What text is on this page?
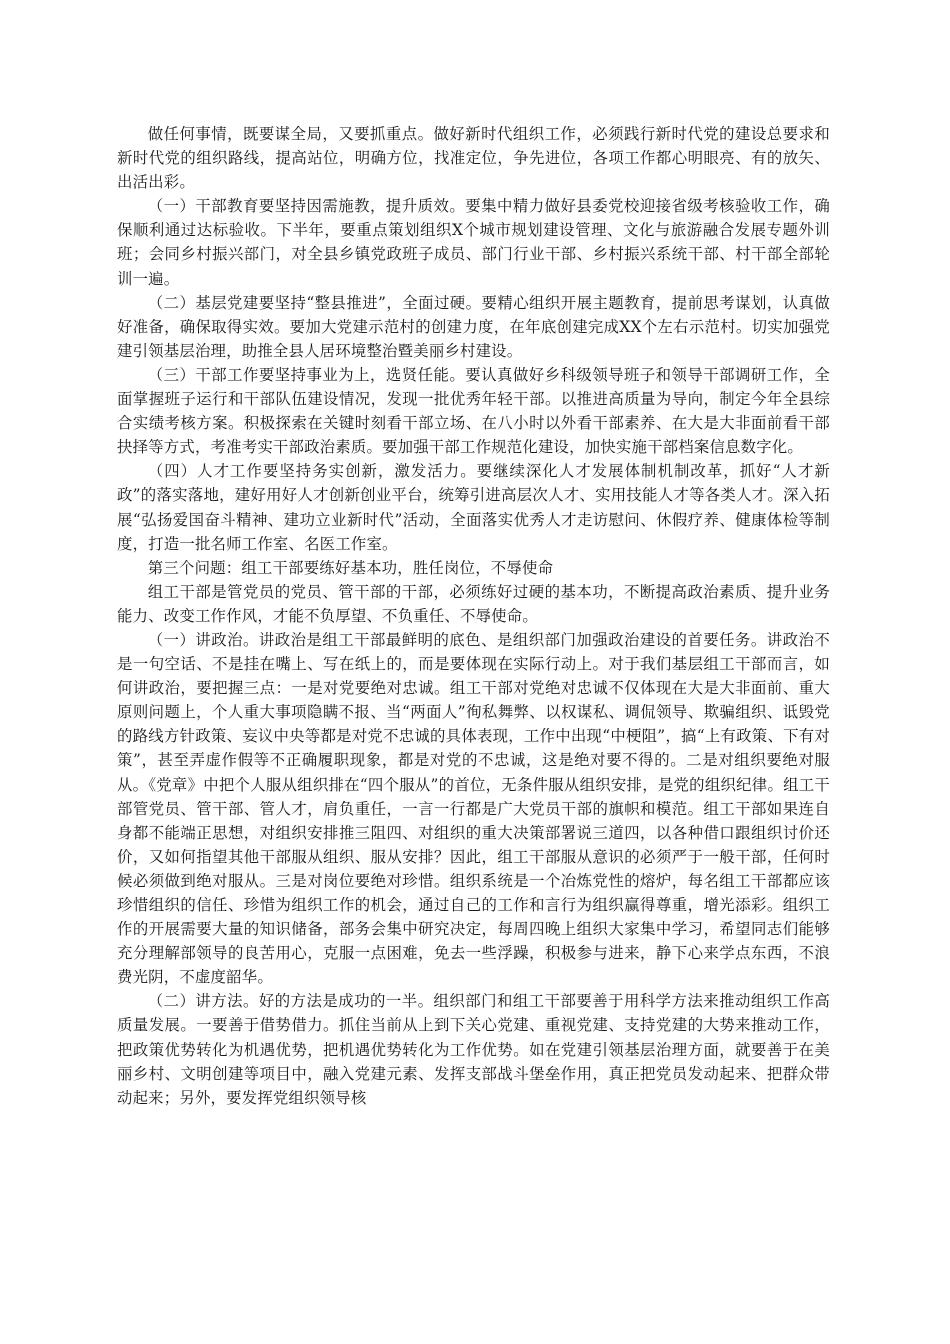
做任何事情，既要谋全局，又要抓重点。做好新时代组织工作，必须践行新时代党的建设总要求和新时代党的组织路线，提高站位，明确方位，找准定位，争先进位，各项工作都心明眼亮、有的放矢、出活出彩。

（一）干部教育要坚持因需施教，提升质效。要集中精力做好县委党校迎接省级考核验收工作，确保顺利通过达标验收。下半年，要重点策划组织X个城市规划建设管理、文化与旅游融合发展专题外训班；会同乡村振兴部门，对全县乡镇党政班子成员、部门行业干部、乡村振兴系统干部、村干部全部轮训一遍。

（二）基层党建要坚持“整县推进”，全面过硬。要精心组织开展主题教育，提前思考谋划，认真做好准备，确保取得实效。要加大党建示范村的创建力度，在年底创建完成XX个左右示范村。切实加强党建引领基层治理，助推全县人居环境整治暨美丽乡村建设。

（三）干部工作要坚持事业为上，选贤任能。要认真做好乡科级领导班子和领导干部调研工作，全面掌握班子运行和干部队伍建设情况，发现一批优秀年轻干部。以推进高质量为导向，制定今年全县综合实绩考核方案。积极探索在关键时刻看干部立场、在八小时以外看干部素养、在大是大非面前看干部抉择等方式，考准考实干部政治素质。要加强干部工作规范化建设，加快实施干部档案信息数字化。

（四）人才工作要坚持务实创新，激发活力。要继续深化人才发展体制机制改革，抓好“人才新政”的落实落地，建好用好人才创新创业平台，统筹引进高层次人才、实用技能人才等各类人才。深入拓展“弘扬爱国奋斗精神、建功立业新时代”活动，全面落实优秀人才走访慰问、休假疗养、健康体检等制度，打造一批名师工作室、名医工作室。

第三个问题：组工干部要练好基本功，胜任岗位，不辱使命

组工干部是管党员的党员、管干部的干部，必须练好过硬的基本功，不断提高政治素质、提升业务能力、改变工作作风，才能不负厚望、不负重任、不辱使命。

（一）讲政治。讲政治是组工干部最鲜明的底色、是组织部门加强政治建设的首要任务。讲政治不是一句空话、不是挂在嘴上、写在纸上的，而是要体现在实际行动上。对于我们基层组工干部而言，如何讲政治，要把握三点：一是对党要绝对忠诚。组工干部对党绝对忠诚不仅体现在大是大非面前、重大原则问题上，个人重大事项隐瞒不报、当“两面人”徇私舞弊、以权谋私、调侃领导、欺骗组织、诋毁党的路线方针政策、妄议中央等都是对党不忠诚的具体表现，工作中出现“中梗阻”，搞“上有政策、下有对策”，甚至弄虚作假等不正确履职现象，都是对党的不忠诚，这是绝对要不得的。二是对组织要绝对服从。《党章》中把个人服从组织排在“四个服从”的首位，无条件服从组织安排，是党的组织纪律。组工干部管党员、管干部、管人才，肩负重任，一言一行都是广大党员干部的旗帜和模范。组工干部如果连自身都不能端正思想，对组织安排推三阻四、对组织的重大决策部署说三道四，以各种借口跟组织讨价还价，又如何指望其他干部服从组织、服从安排？因此，组工干部服从意识的必须严于一般干部，任何时候必须做到绝对服从。三是对岗位要绝对珍惜。组织系统是一个冶炼党性的熔炉，每名组工干部都应该珍惜组织的信任、珍惜为组织工作的机会，通过自己的工作和言行为组织赢得尊重，增光添彩。组织工作的开展需要大量的知识储备，部务会集中研究决定，每周四晚上组织大家集中学习，希望同志们能够充分理解部领导的良苦用心，克服一点困难，免去一些浮躁，积极参与进来，静下心来学点东西，不浪费光阴，不虚度韶华。

（二）讲方法。好的方法是成功的一半。组织部门和组工干部要善于用科学方法来推动组织工作高质量发展。一要善于借势借力。抓住当前从上到下关心党建、重视党建、支持党建的大势来推动工作，把政策优势转化为机遇优势，把机遇优势转化为工作优势。如在党建引领基层治理方面，就要善于在美丽乡村、文明创建等项目中，融入党建元素、发挥支部战斗堡垒作用，真正把党员发动起来、把群众带动起来；另外，要发挥党组织领导核
